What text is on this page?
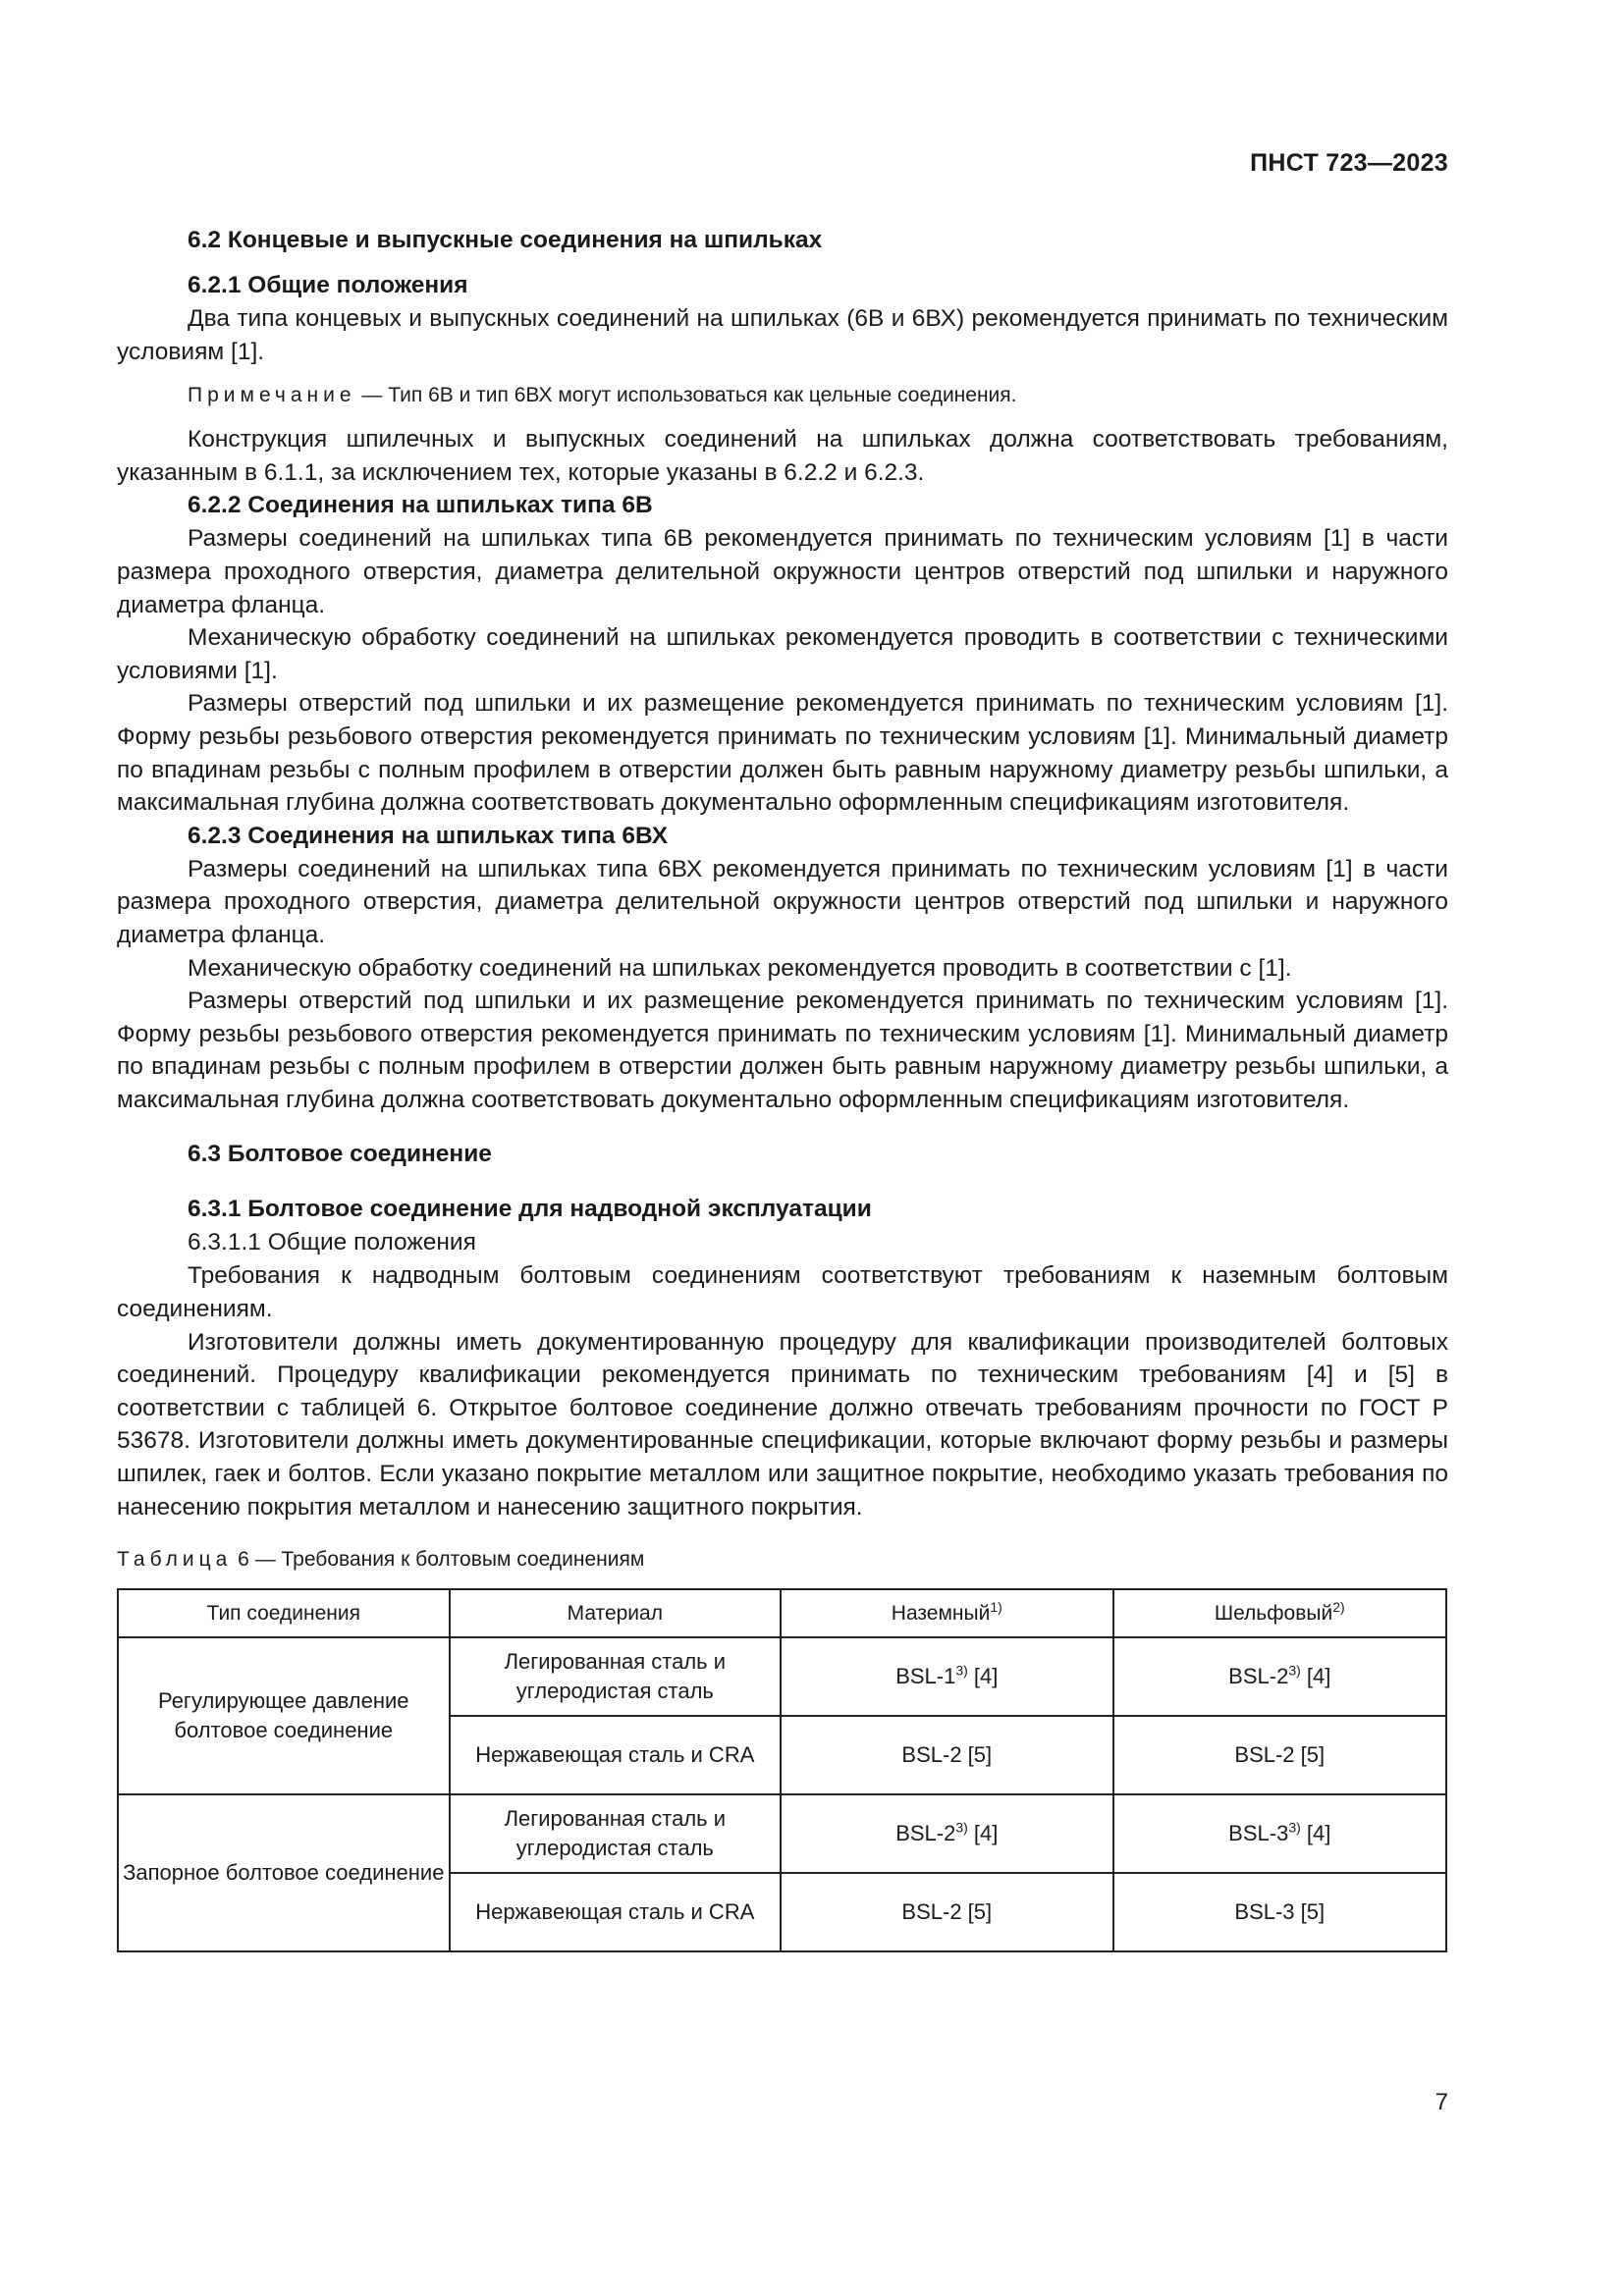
ПНСТ 723—2023
6.2 Концевые и выпускные соединения на шпильках
6.2.1 Общие положения

Два типа концевых и выпускных соединений на шпильках (6В и 6ВХ) рекомендуется принимать по техническим условиям [1].

Примечание — Тип 6В и тип 6ВХ могут использоваться как цельные соединения.

Конструкция шпилечных и выпускных соединений на шпильках должна соответствовать требованиям, указанным в 6.1.1, за исключением тех, которые указаны в 6.2.2 и 6.2.3.

6.2.2 Соединения на шпильках типа 6В

Размеры соединений на шпильках типа 6В рекомендуется принимать по техническим условиям [1] в части размера проходного отверстия, диаметра делительной окружности центров отверстий под шпильки и наружного диаметра фланца.

Механическую обработку соединений на шпильках рекомендуется проводить в соответствии с техническими условиями [1].

Размеры отверстий под шпильки и их размещение рекомендуется принимать по техническим условиям [1]. Форму резьбы резьбового отверстия рекомендуется принимать по техническим условиям [1]. Минимальный диаметр по впадинам резьбы с полным профилем в отверстии должен быть равным наружному диаметру резьбы шпильки, а максимальная глубина должна соответствовать документально оформленным спецификациям изготовителя.

6.2.3 Соединения на шпильках типа 6ВХ

Размеры соединений на шпильках типа 6ВХ рекомендуется принимать по техническим условиям [1] в части размера проходного отверстия, диаметра делительной окружности центров отверстий под шпильки и наружного диаметра фланца.

Механическую обработку соединений на шпильках рекомендуется проводить в соответствии с [1].

Размеры отверстий под шпильки и их размещение рекомендуется принимать по техническим условиям [1]. Форму резьбы резьбового отверстия рекомендуется принимать по техническим условиям [1]. Минимальный диаметр по впадинам резьбы с полным профилем в отверстии должен быть равным наружному диаметру резьбы шпильки, а максимальная глубина должна соответствовать документально оформленным спецификациям изготовителя.

6.3 Болтовое соединение
6.3.1 Болтовое соединение для надводной эксплуатации
6.3.1.1 Общие положения

Требования к надводным болтовым соединениям соответствуют требованиям к наземным болтовым соединениям.

Изготовители должны иметь документированную процедуру для квалификации производителей болтовых соединений. Процедуру квалификации рекомендуется принимать по техническим требованиям [4] и [5] в соответствии с таблицей 6. Открытое болтовое соединение должно отвечать требованиям прочности по ГОСТ Р 53678. Изготовители должны иметь документированные спецификации, которые включают форму резьбы и размеры шпилек, гаек и болтов. Если указано покрытие металлом или защитное покрытие, необходимо указать требования по нанесению покрытия металлом и нанесению защитного покрытия.

Таблица 6 — Требования к болтовым соединениям

Тип соединения	Материал	Наземный$^{1)}$	Шельфовый$^{2)}$
Регулирующее давление болтовое соединение	Легированная сталь и углеродистая сталь	BSL-1$^{3)}$ [4]	BSL-2$^{3)}$ [4]
	Нержавеющая сталь и CRA	BSL-2 [5]	BSL-2 [5]
Запорное болтовое соединение	Легированная сталь и углеродистая сталь	BSL-2$^{3)}$ [4]	BSL-3$^{3)}$ [4]
	Нержавеющая сталь и CRA	BSL-2 [5]	BSL-3 [5]
7
